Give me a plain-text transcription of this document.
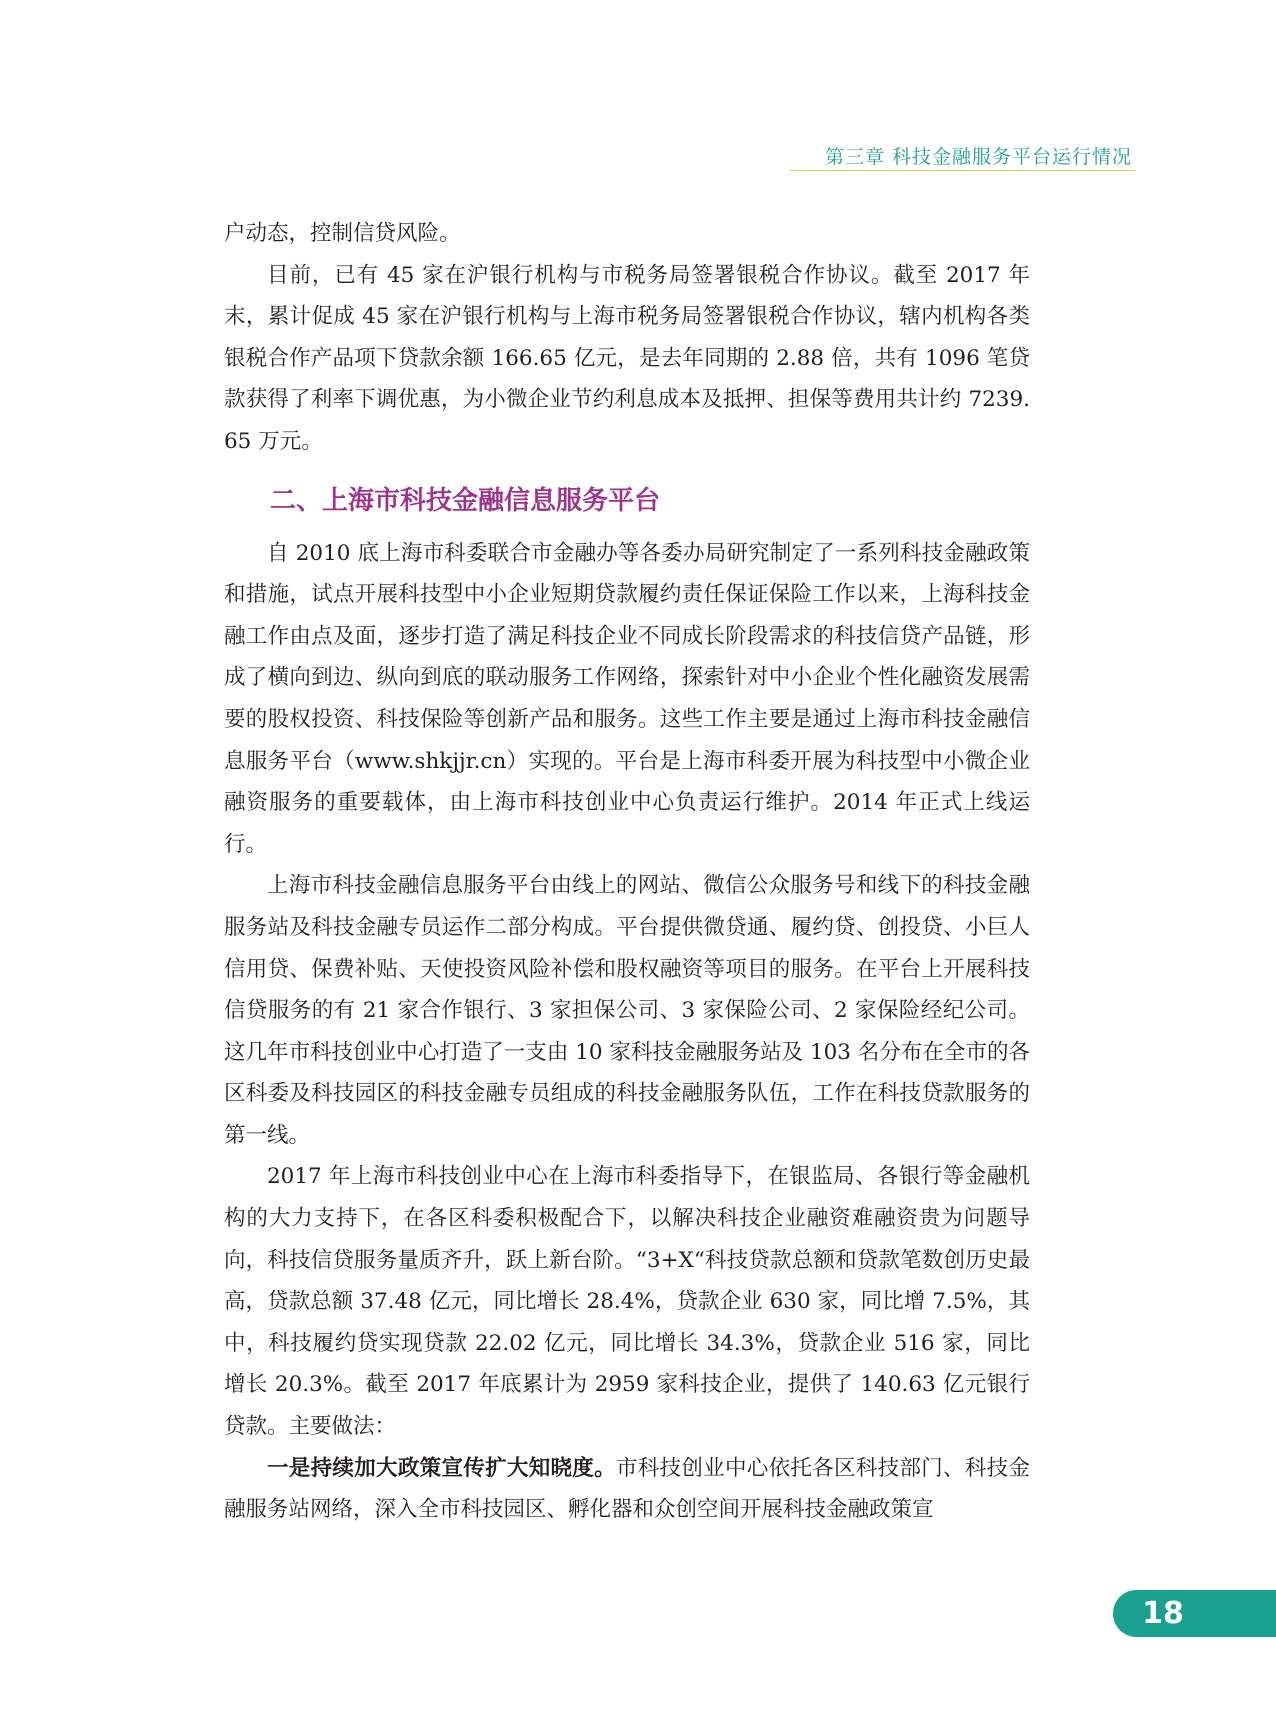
第三章 科技金融服务平台运行情况

户动态，控制信贷风险。

目前，已有 45 家在沪银行机构与市税务局签署银税合作协议。截至 2017 年末，累计促成 45 家在沪银行机构与上海市税务局签署银税合作协议，辖内机构各类银税合作产品项下贷款余额 166.65 亿元，是去年同期的 2.88 倍，共有 1096 笔贷款获得了利率下调优惠，为小微企业节约利息成本及抵押、担保等费用共计约 7239.65 万元。

二、上海市科技金融信息服务平台

自 2010 底上海市科委联合市金融办等各委办局研究制定了一系列科技金融政策和措施，试点开展科技型中小企业短期贷款履约责任保证保险工作以来，上海科技金融工作由点及面，逐步打造了满足科技企业不同成长阶段需求的科技信贷产品链，形成了横向到边、纵向到底的联动服务工作网络，探索针对中小企业个性化融资发展需要的股权投资、科技保险等创新产品和服务。这些工作主要是通过上海市科技金融信息服务平台（www.shkjjr.cn）实现的。平台是上海市科委开展为科技型中小微企业融资服务的重要载体，由上海市科技创业中心负责运行维护。2014 年正式上线运行。

上海市科技金融信息服务平台由线上的网站、微信公众服务号和线下的科技金融服务站及科技金融专员运作二部分构成。平台提供微贷通、履约贷、创投贷、小巨人信用贷、保费补贴、天使投资风险补偿和股权融资等项目的服务。在平台上开展科技信贷服务的有 21 家合作银行、3 家担保公司、3 家保险公司、2 家保险经纪公司。这几年市科技创业中心打造了一支由 10 家科技金融服务站及 103 名分布在全市的各区科委及科技园区的科技金融专员组成的科技金融服务队伍，工作在科技贷款服务的第一线。

2017 年上海市科技创业中心在上海市科委指导下，在银监局、各银行等金融机构的大力支持下，在各区科委积极配合下，以解决科技企业融资难融资贵为问题导向，科技信贷服务量质齐升，跃上新台阶。“3+X“科技贷款总额和贷款笔数创历史最高，贷款总额 37.48 亿元，同比增长 28.4%，贷款企业 630 家，同比增 7.5%，其中，科技履约贷实现贷款 22.02 亿元，同比增长 34.3%，贷款企业 516 家，同比增长 20.3%。截至 2017 年底累计为 2959 家科技企业，提供了 140.63 亿元银行贷款。主要做法：

一是持续加大政策宣传扩大知晓度。市科技创业中心依托各区科技部门、科技金融服务站网络，深入全市科技园区、孵化器和众创空间开展科技金融政策宣

18
